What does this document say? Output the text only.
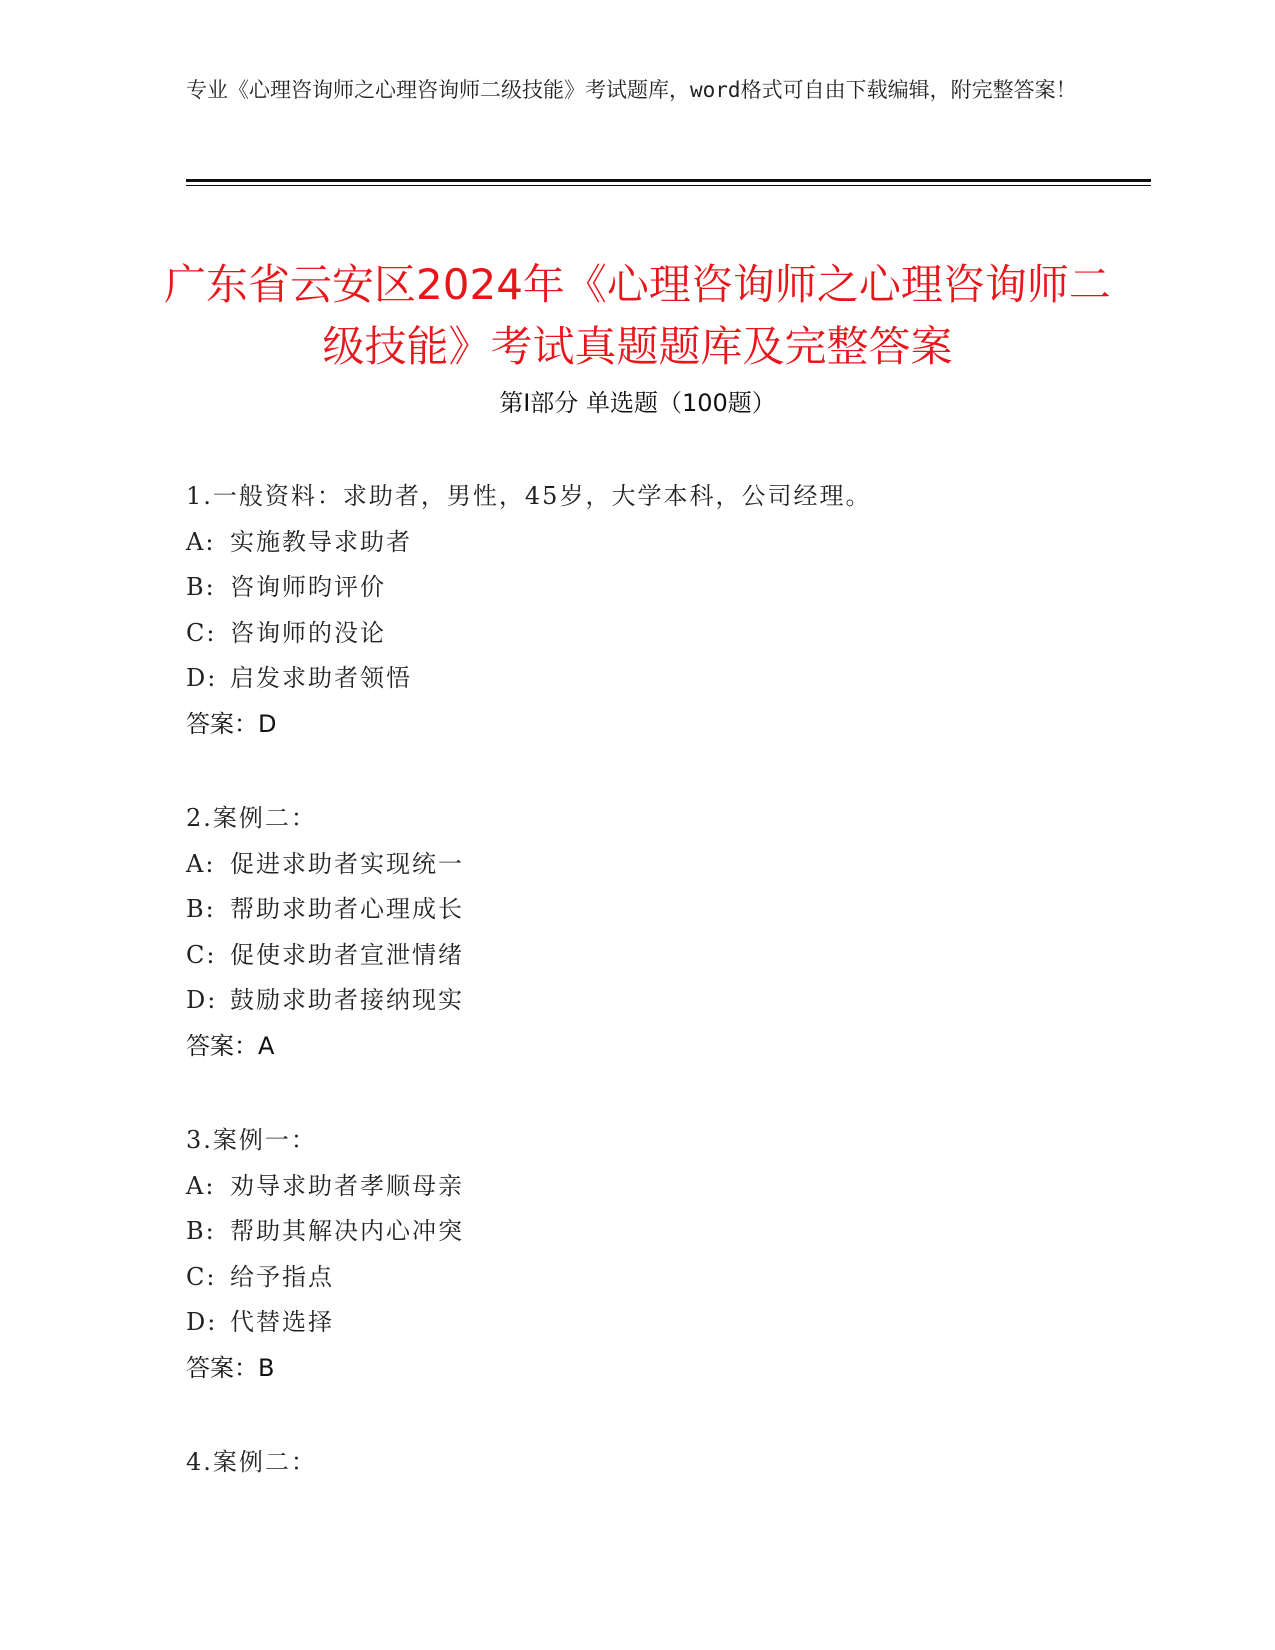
专业《心理咨询师之心理咨询师二级技能》考试题库，word格式可自由下载编辑，附完整答案！
广东省云安区2024年《心理咨询师之心理咨询师二级技能》考试真题题库及完整答案
第Ⅰ部分 单选题（100题）
1.一般资料：求助者，男性，45岁，大学本科，公司经理。
A: 实施教导求助者
B: 咨询师昀评价
C: 咨询师的没论
D: 启发求助者领悟
答案：D
2.案例二：
A: 促进求助者实现统一
B: 帮助求助者心理成长
C: 促使求助者宣泄情绪
D: 鼓励求助者接纳现实
答案：A
3.案例一：
A: 劝导求助者孝顺母亲
B: 帮助其解决内心冲突
C: 给予指点
D: 代替选择
答案：B
4.案例二：
